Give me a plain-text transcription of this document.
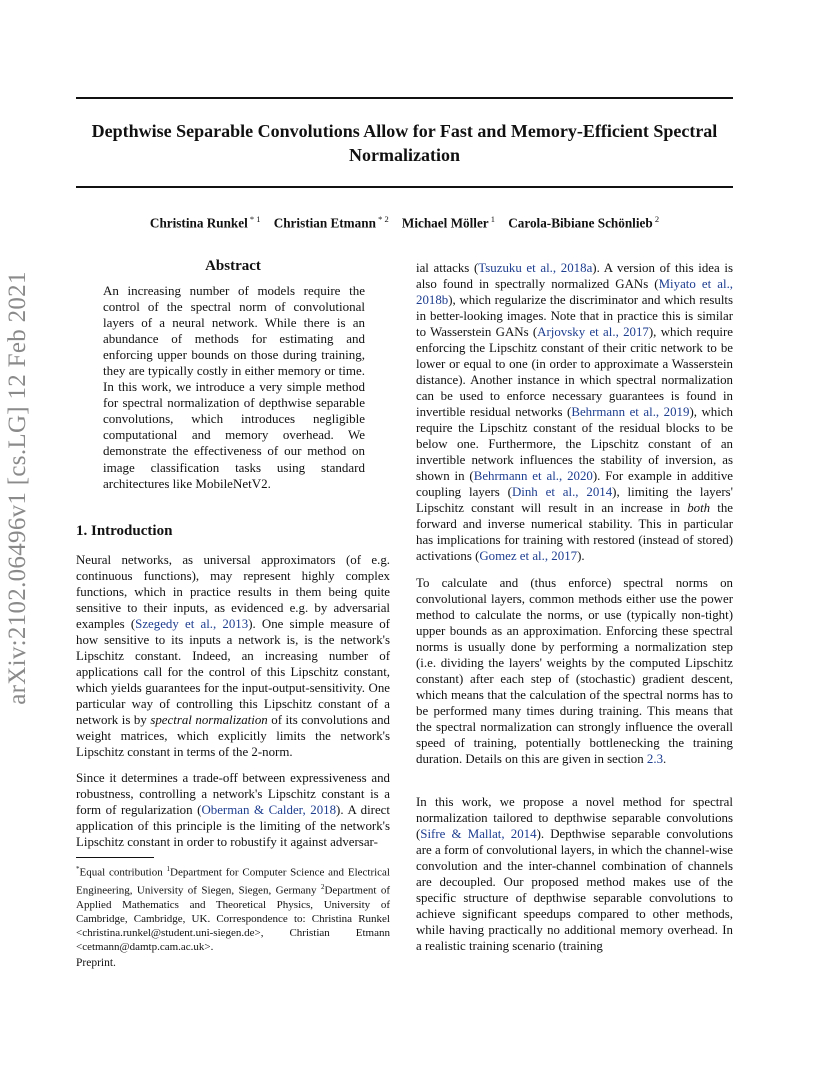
Depthwise Separable Convolutions Allow for Fast and Memory-Efficient Spectral Normalization
Christina Runkel $^{* 1}$  Christian Etmann $^{* 2}$  Michael Möller $^1$  Carola-Bibiane Schönlieb $^2$
arXiv:2102.06496v1 [cs.LG] 12 Feb 2021
Abstract
An increasing number of models require the control of the spectral norm of convolutional layers of a neural network. While there is an abundance of methods for estimating and enforcing upper bounds on those during training, they are typically costly in either memory or time. In this work, we introduce a very simple method for spectral normalization of depthwise separable convolutions, which introduces negligible computational and memory overhead. We demonstrate the effectiveness of our method on image classification tasks using standard architectures like MobileNetV2.
1. Introduction

Neural networks, as universal approximators (of e.g. continuous functions), may represent highly complex functions, which in practice results in them being quite sensitive to their inputs, as evidenced e.g. by adversarial examples (Szegedy et al., 2013). One simple measure of how sensitive to its inputs a network is, is the network's Lipschitz constant. Indeed, an increasing number of applications call for the control of this Lipschitz constant, which yields guarantees for the input-output-sensitivity. One particular way of controlling this Lipschitz constant of a network is by spectral normalization of its convolutions and weight matrices, which explicitly limits the network's Lipschitz constant in terms of the 2-norm.

Since it determines a trade-off between expressiveness and robustness, controlling a network's Lipschitz constant is a form of regularization (Oberman & Calder, 2018). A direct application of this principle is the limiting of the network's Lipschitz constant in order to robustify it against adversar-

*Equal contribution $^1$Department for Computer Science and Electrical Engineering, University of Siegen, Siegen, Germany $^2$Department of Applied Mathematics and Theoretical Physics, University of Cambridge, Cambridge, UK. Correspondence to: Christina Runkel <christina.runkel@student.uni-siegen.de>, Christian Etmann <cetmann@damtp.cam.ac.uk>.
Preprint.

ial attacks (Tsuzuku et al., 2018a). A version of this idea is also found in spectrally normalized GANs (Miyato et al., 2018b), which regularize the discriminator and which results in better-looking images. Note that in practice this is similar to Wasserstein GANs (Arjovsky et al., 2017), which require enforcing the Lipschitz constant of their critic network to be lower or equal to one (in order to approximate a Wasserstein distance). Another instance in which spectral normalization can be used to enforce necessary guarantees is found in invertible residual networks (Behrmann et al., 2019), which require the Lipschitz constant of the residual blocks to be below one. Furthermore, the Lipschitz constant of an invertible network influences the stability of inversion, as shown in (Behrmann et al., 2020). For example in additive coupling layers (Dinh et al., 2014), limiting the layers' Lipschitz constant will result in an increase in both the forward and inverse numerical stability. This in particular has implications for training with restored (instead of stored) activations (Gomez et al., 2017).

To calculate and (thus enforce) spectral norms on convolutional layers, common methods either use the power method to calculate the norms, or use (typically non-tight) upper bounds as an approximation. Enforcing these spectral norms is usually done by performing a normalization step (i.e. dividing the layers' weights by the computed Lipschitz constant) after each step of (stochastic) gradient descent, which means that the calculation of the spectral norms has to be performed many times during training. This means that the spectral normalization can strongly influence the overall speed of training, potentially bottlenecking the training duration. Details on this are given in section 2.3.

In this work, we propose a novel method for spectral normalization tailored to depthwise separable convolutions (Sifre & Mallat, 2014). Depthwise separable convolutions are a form of convolutional layers, in which the channel-wise convolution and the inter-channel combination of channels are decoupled. Our proposed method makes use of the specific structure of depthwise separable convolutions to achieve significant speedups compared to other methods, while having practically no additional memory overhead. In a realistic training scenario (training
